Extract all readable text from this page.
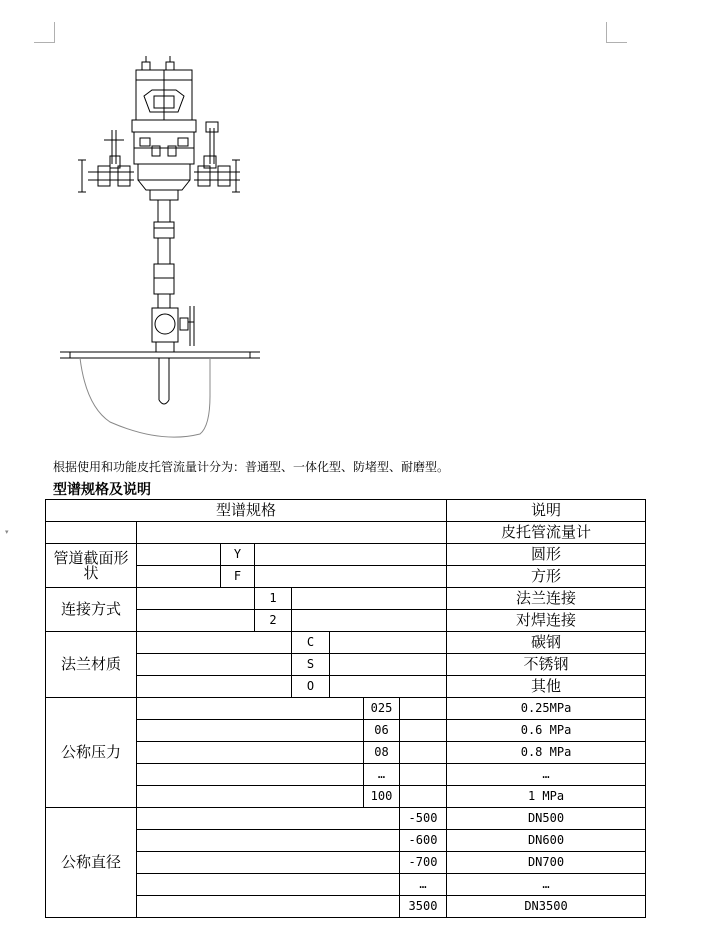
▾
根据使用和功能皮托管流量计分为：普通型、一体化型、防堵型、耐磨型。
型谱规格及说明
型谱规格								说明
								皮托管流量计
管道截面形状		Y						圆形
		F						方形
连接方式			1					法兰连接
			2					对焊连接
法兰材质				C				碳钢
				S				不锈钢
				O				其他
公称压力						025		0.25MPa
						06		0.6 MPa
						08		0.8 MPa
						…		…
						100		1 MPa
公称直径							-500	DN500
							-600	DN600
							-700	DN700
							…	…
							3500	DN3500
